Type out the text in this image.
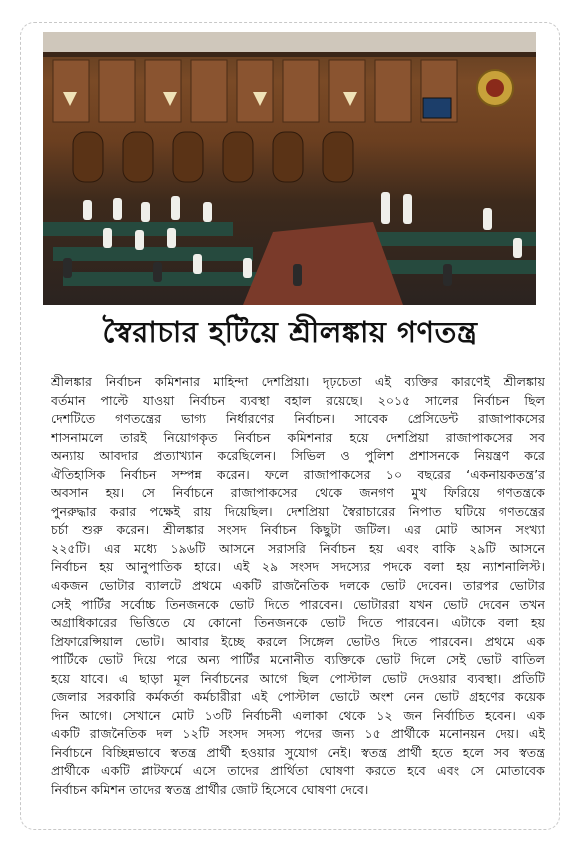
স্বৈরাচার হটিয়ে শ্রীলঙ্কায় গণতন্ত্র
শ্রীলঙ্কার নির্বাচন কমিশনার মাহিন্দা দেশপ্রিয়া। দৃঢ়চেতা এই ব্যক্তির কারণেই শ্রীলঙ্কায়
বর্তমান পাল্টে যাওয়া নির্বাচন ব্যবস্থা বহাল রয়েছে। ২০১৫ সালের নির্বাচন ছিল
দেশটিতে গণতন্ত্রের ভাগ্য নির্ধারণের নির্বাচন। সাবেক প্রেসিডেন্ট রাজাপাকসের
শাসনামলে তারই নিয়োগকৃত নির্বাচন কমিশনার হয়ে দেশপ্রিয়া রাজাপাকসের সব
অন্যায় আবদার প্রত্যাখ্যান করেছিলেন। সিভিল ও পুলিশ প্রশাসনকে নিয়ন্ত্রণ করে
ঐতিহাসিক নির্বাচন সম্পন্ন করেন। ফলে রাজাপাকসের ১০ বছরের ‘একনায়কতন্ত্র’র
অবসান হয়। সে নির্বাচনে রাজাপাকসের থেকে জনগণ মুখ ফিরিয়ে গণতন্ত্রকে
পুনরুদ্ধার করার পক্ষেই রায় দিয়েছিল। দেশপ্রিয়া স্বৈরাচারের নিপাত ঘটিয়ে গণতন্ত্রের
চর্চা শুরু করেন। শ্রীলঙ্কার সংসদ নির্বাচন কিছুটা জটিল। এর মোট আসন সংখ্যা
২২৫টি। এর মধ্যে ১৯৬টি আসনে সরাসরি নির্বাচন হয় এবং বাকি ২৯টি আসনে
নির্বাচন হয় আনুপাতিক হারে। এই ২৯ সংসদ সদস্যের পদকে বলা হয় ন্যাশনালিস্ট।
একজন ভোটার ব্যালটে প্রথমে একটি রাজনৈতিক দলকে ভোট দেবেন। তারপর ভোটার
সেই পার্টির সর্বোচ্চ তিনজনকে ভোট দিতে পারবেন। ভোটাররা যখন ভোট দেবেন তখন
অগ্রাধিকারের ভিত্তিতে যে কোনো তিনজনকে ভোট দিতে পারবেন। এটাকে বলা হয়
প্রিফারেন্সিয়াল ভোট। আবার ইচ্ছে করলে সিঙ্গেল ভোটও দিতে পারবেন। প্রথমে এক
পার্টিকে ভোট দিয়ে পরে অন্য পার্টির মনোনীত ব্যক্তিকে ভোট দিলে সেই ভোট বাতিল
হয়ে যাবে। এ ছাড়া মূল নির্বাচনের আগে ছিল পোস্টাল ভোট দেওয়ার ব্যবস্থা। প্রতিটি
জেলার সরকারি কর্মকর্তা কর্মচারীরা এই পোস্টাল ভোটে অংশ নেন ভোট গ্রহণের কয়েক
দিন আগে। সেখানে মোট ১৩টি নির্বাচনী এলাকা থেকে ১২ জন নির্বাচিত হবেন। এক
একটি রাজনৈতিক দল ১২টি সংসদ সদস্য পদের জন্য ১৫ প্রার্থীকে মনোনয়ন দেয়। এই
নির্বাচনে বিচ্ছিন্নভাবে স্বতন্ত্র প্রার্থী হওয়ার সুযোগ নেই। স্বতন্ত্র প্রার্থী হতে হলে সব স্বতন্ত্র
প্রার্থীকে একটি প্লাটফর্মে এসে তাদের প্রার্থিতা ঘোষণা করতে হবে এবং সে মোতাবেক
নির্বাচন কমিশন তাদের স্বতন্ত্র প্রার্থীর জোট হিসেবে ঘোষণা দেবে।
